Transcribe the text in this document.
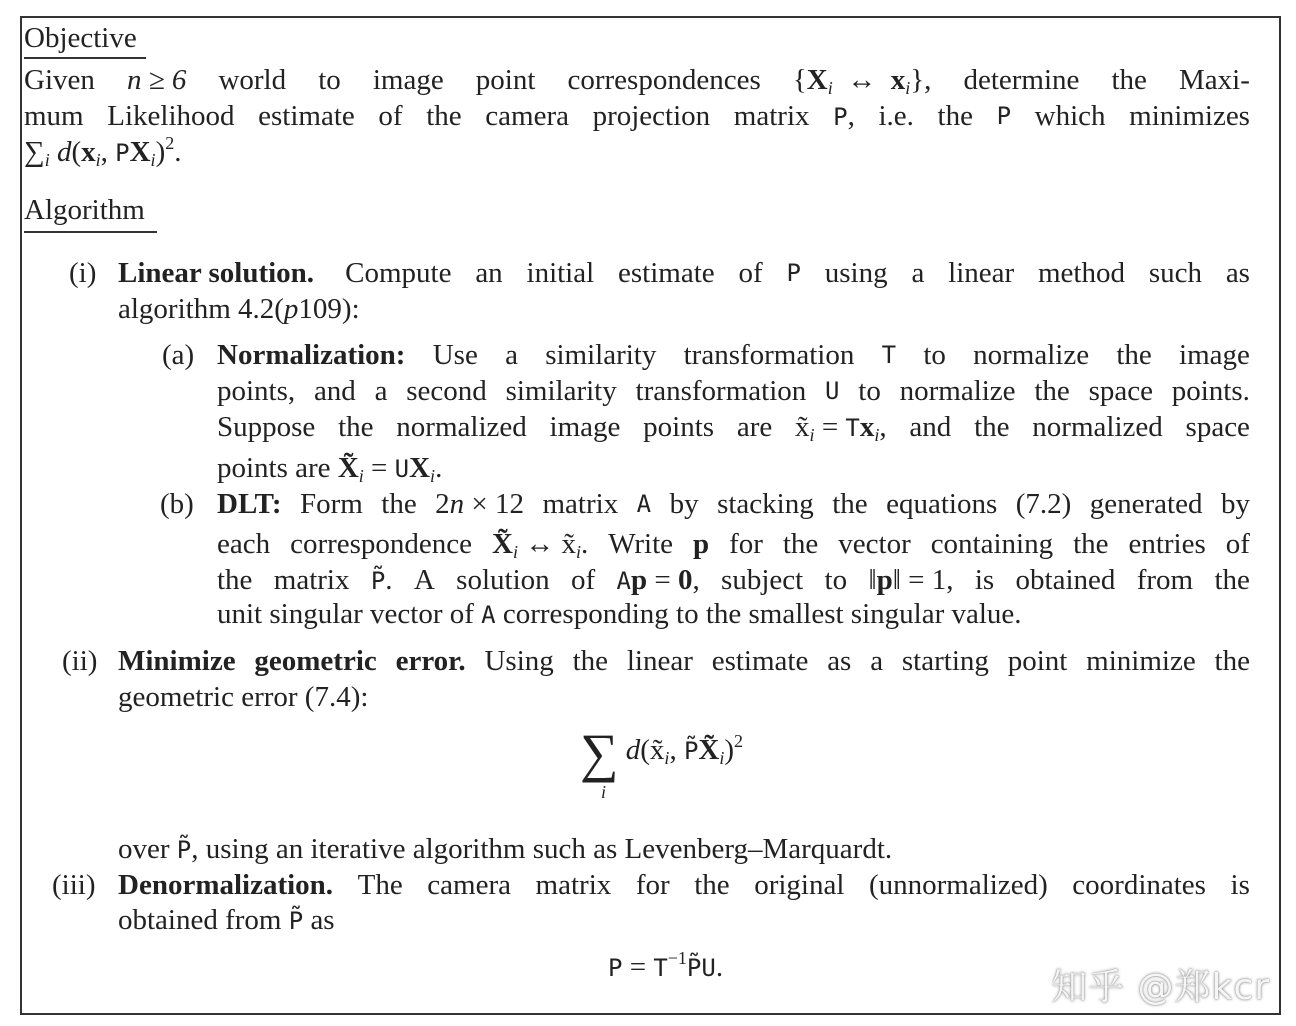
Objective
Given n ≥ 6 world to image point correspondences {$X_i$  ↔  $x_i$}, determine the Maxi-
mum Likelihood estimate of the camera projection matrix P, i.e. the P which minimizes
$\sum_i$ $d(x_i$, $PX_i)^2$.
Algorithm
(i) Linear solution. Compute an initial estimate of P using a linear method such as
algorithm 4.2(p109):
(a) Normalization: Use a similarity transformation T to normalize the image
points, and a second similarity transformation U to normalize the space points.
Suppose the normalized image points are $x̃_i = Tx_i$, and the normalized space
points are $X̃_i = UX_i$.
(b) DLT: Form the 2n × 12 matrix A by stacking the equations (7.2) generated by
each correspondence $X̃_i$ ↔ $x̃_i$. Write p for the vector containing the entries of
the matrix P̃. A solution of Ap = 0, subject to ‖p‖ = 1, is obtained from the
unit singular vector of A corresponding to the smallest singular value.
(ii) Minimize geometric error. Using the linear estimate as a starting point minimize the
geometric error (7.4):
∑ $d(x̃_i$, $P̃X̃_i)^2$
i
over P̃, using an iterative algorithm such as Levenberg–Marquardt.
(iii) Denormalization. The camera matrix for the original (unnormalized) coordinates is
obtained from P̃ as
$P = T^{-1}P̃U$.	知乎 @郑kcr
